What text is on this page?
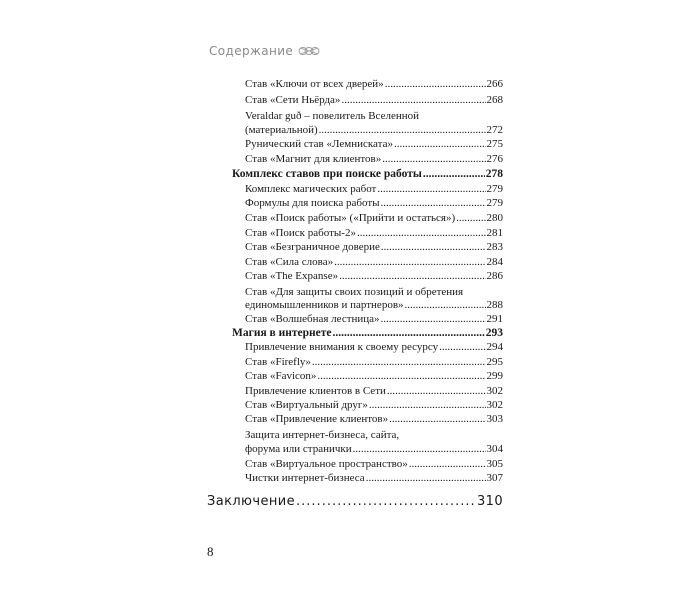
Содержание
Став «Ключи от всех дверей» .....	266
Став «Сети Ньёрда» .....	268
Veraldar guð – повелитель Вселенной
(материальной) .....	272
Рунический став «Лемниската» .....	275
Став «Магнит для клиентов» .....	276
Комплекс ставов при поиске работы .....	278
Комплекс магических работ .....	279
Формулы для поиска работы .....	279
Став «Поиск работы» («Прийти и остаться») .....	280
Став «Поиск работы-2» .....	281
Став «Безграничное доверие .....	283
Став «Сила слова» .....	284
Став «The Expanse» .....	286
Став «Для защиты своих позиций и обретения
единомышленников и партнеров» .....	288
Став «Волшебная лестница» .....	291
Магия в интернете .....	293
Привлечение внимания к своему ресурсу .....	294
Став «Firefly» .....	295
Став «Favicon» .....	299
Привлечение клиентов в Сети .....	302
Став «Виртуальный друг» .....	302
Став «Привлечение клиентов» .....	303
Защита интернет-бизнеса, сайта,
форума или странички .....	304
Став «Виртуальное пространство» .....	305
Чистки интернет-бизнеса .....	307
Заключение .....	310
8
